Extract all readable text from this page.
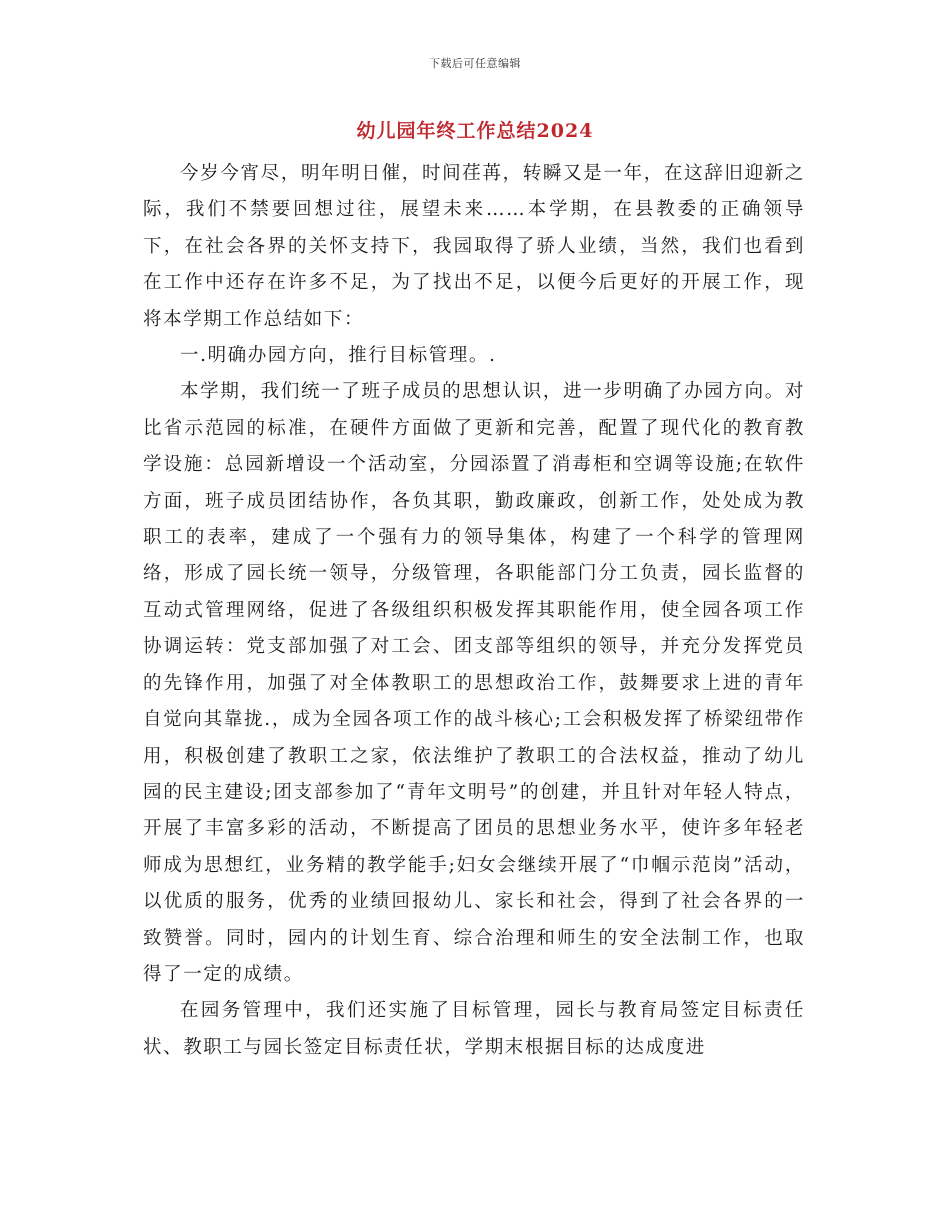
下载后可任意编辑
幼儿园年终工作总结2024

今岁今宵尽，明年明日催，时间荏苒，转瞬又是一年，在这辞旧迎新之际，我们不禁要回想过往，展望未来……本学期，在县教委的正确领导下，在社会各界的关怀支持下，我园取得了骄人业绩，当然，我们也看到在工作中还存在许多不足，为了找出不足，以便今后更好的开展工作，现将本学期工作总结如下：

一.明确办园方向，推行目标管理。.

本学期，我们统一了班子成员的思想认识，进一步明确了办园方向。对比省示范园的标准，在硬件方面做了更新和完善，配置了现代化的教育教学设施：总园新增设一个活动室，分园添置了消毒柜和空调等设施;在软件方面，班子成员团结协作，各负其职，勤政廉政，创新工作，处处成为教职工的表率，建成了一个强有力的领导集体，构建了一个科学的管理网络，形成了园长统一领导，分级管理，各职能部门分工负责，园长监督的互动式管理网络，促进了各级组织积极发挥其职能作用，使全园各项工作协调运转：党支部加强了对工会、团支部等组织的领导，并充分发挥党员的先锋作用，加强了对全体教职工的思想政治工作，鼓舞要求上进的青年自觉向其靠拢.，成为全园各项工作的战斗核心;工会积极发挥了桥梁纽带作用，积极创建了教职工之家，依法维护了教职工的合法权益，推动了幼儿园的民主建设;团支部参加了“青年文明号”的创建，并且针对年轻人特点，开展了丰富多彩的活动，不断提高了团员的思想业务水平，使许多年轻老师成为思想红，业务精的教学能手;妇女会继续开展了“巾帼示范岗”活动，以优质的服务，优秀的业绩回报幼儿、家长和社会，得到了社会各界的一致赞誉。同时，园内的计划生育、综合治理和师生的安全法制工作，也取得了一定的成绩。

在园务管理中，我们还实施了目标管理，园长与教育局签定目标责任状、教职工与园长签定目标责任状，学期末根据目标的达成度进
